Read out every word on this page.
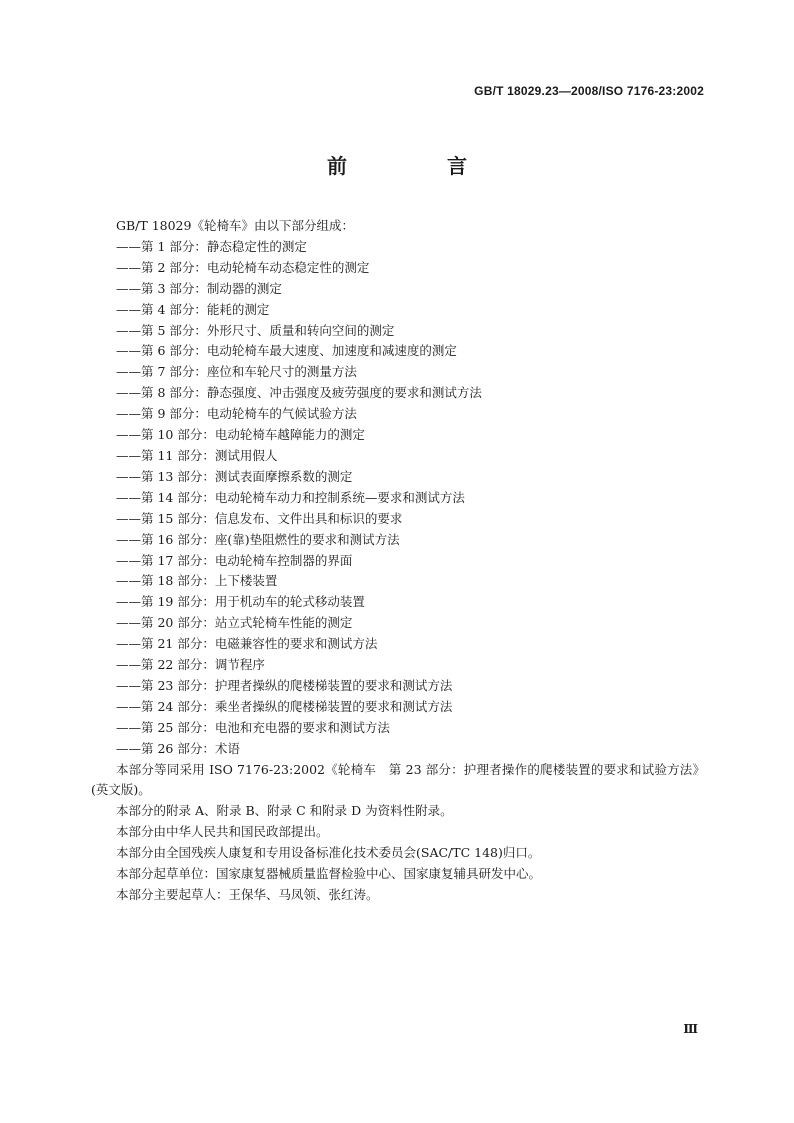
GB/T 18029.23—2008/ISO 7176-23:2002
前　言
GB/T 18029《轮椅车》由以下部分组成：
——第 1 部分：静态稳定性的测定
——第 2 部分：电动轮椅车动态稳定性的测定
——第 3 部分：制动器的测定
——第 4 部分：能耗的测定
——第 5 部分：外形尺寸、质量和转向空间的测定
——第 6 部分：电动轮椅车最大速度、加速度和减速度的测定
——第 7 部分：座位和车轮尺寸的测量方法
——第 8 部分：静态强度、冲击强度及疲劳强度的要求和测试方法
——第 9 部分：电动轮椅车的气候试验方法
——第 10 部分：电动轮椅车越障能力的测定
——第 11 部分：测试用假人
——第 13 部分：测试表面摩擦系数的测定
——第 14 部分：电动轮椅车动力和控制系统—要求和测试方法
——第 15 部分：信息发布、文件出具和标识的要求
——第 16 部分：座(靠)垫阻燃性的要求和测试方法
——第 17 部分：电动轮椅车控制器的界面
——第 18 部分：上下楼装置
——第 19 部分：用于机动车的轮式移动装置
——第 20 部分：站立式轮椅车性能的测定
——第 21 部分：电磁兼容性的要求和测试方法
——第 22 部分：调节程序
——第 23 部分：护理者操纵的爬楼梯装置的要求和测试方法
——第 24 部分：乘坐者操纵的爬楼梯装置的要求和测试方法
——第 25 部分：电池和充电器的要求和测试方法
——第 26 部分：术语
本部分等同采用 ISO 7176-23:2002《轮椅车　第 23 部分：护理者操作的爬楼装置的要求和试验方法》(英文版)。
本部分的附录 A、附录 B、附录 C 和附录 D 为资料性附录。
本部分由中华人民共和国民政部提出。
本部分由全国残疾人康复和专用设备标准化技术委员会(SAC/TC 148)归口。
本部分起草单位：国家康复器械质量监督检验中心、国家康复辅具研发中心。
本部分主要起草人：王保华、马凤领、张红涛。
Ⅲ
